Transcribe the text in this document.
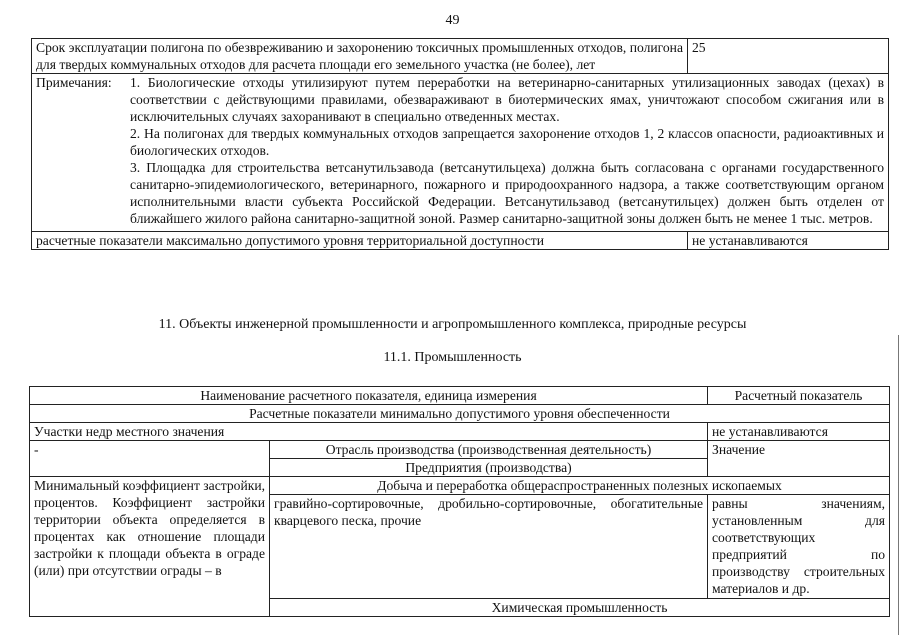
49
Срок эксплуатации полигона по обезвреживанию и захоронению токсичных промышленных отходов, полигона для твердых коммунальных отходов для расчета площади его земельного участка (не более), лет	25

Примечания: 1. Биологические отходы утилизируют путем переработки на ветеринарно-санитарных утилизационных заводах (цехах) в соответствии с действующими правилами, обезвараживают в биотермических ямах, уничтожают способом сжигания или в исключительных случаях захоранивают в специально отведенных местах.
2. На полигонах для твердых коммунальных отходов запрещается захоронение отходов 1, 2 классов опасности, радиоактивных и биологических отходов.
3. Площадка для строительства ветсанутильзавода (ветсанутильцеха) должна быть согласована с органами государственного санитарно-эпидемиологического, ветеринарного, пожарного и природоохранного надзора, а также соответствующим органом исполнительными власти субъекта Российской Федерации. Ветсанутильзавод (ветсанутильцех) должен быть отделен от ближайшего жилого района санитарно-защитной зоной. Размер санитарно-защитной зоны должен быть не менее 1 тыс. метров.	

расчетные показатели максимально допустимого уровня территориальной доступности	не устанавливаются
11. Объекты инженерной промышленности и агропромышленного комплекса, природные ресурсы
11.1. Промышленность
Наименование расчетного показателя, единица измерения		Расчетный показатель
Расчетные показатели минимально допустимого уровня обеспеченности		
Участки недр местного значения		не устанавливаются
-	Отрасль производства (производственная деятельность)	Значение
	Предприятия (производства)	
Минимальный коэффициент застройки, процентов. Коэффициент застройки территории объекта определяется в процентах как отношение площади застройки к площади объекта в ограде (или) при отсутствии ограды – в	Добыча и переработка общераспространенных полезных ископаемых	
	гравийно-сортировочные, дробильно-сортировочные, обогатительные кварцевого песка, прочие	равны значениям, установленным для соответствующих предприятий по производству строительных материалов и др.
	Химическая промышленность	
